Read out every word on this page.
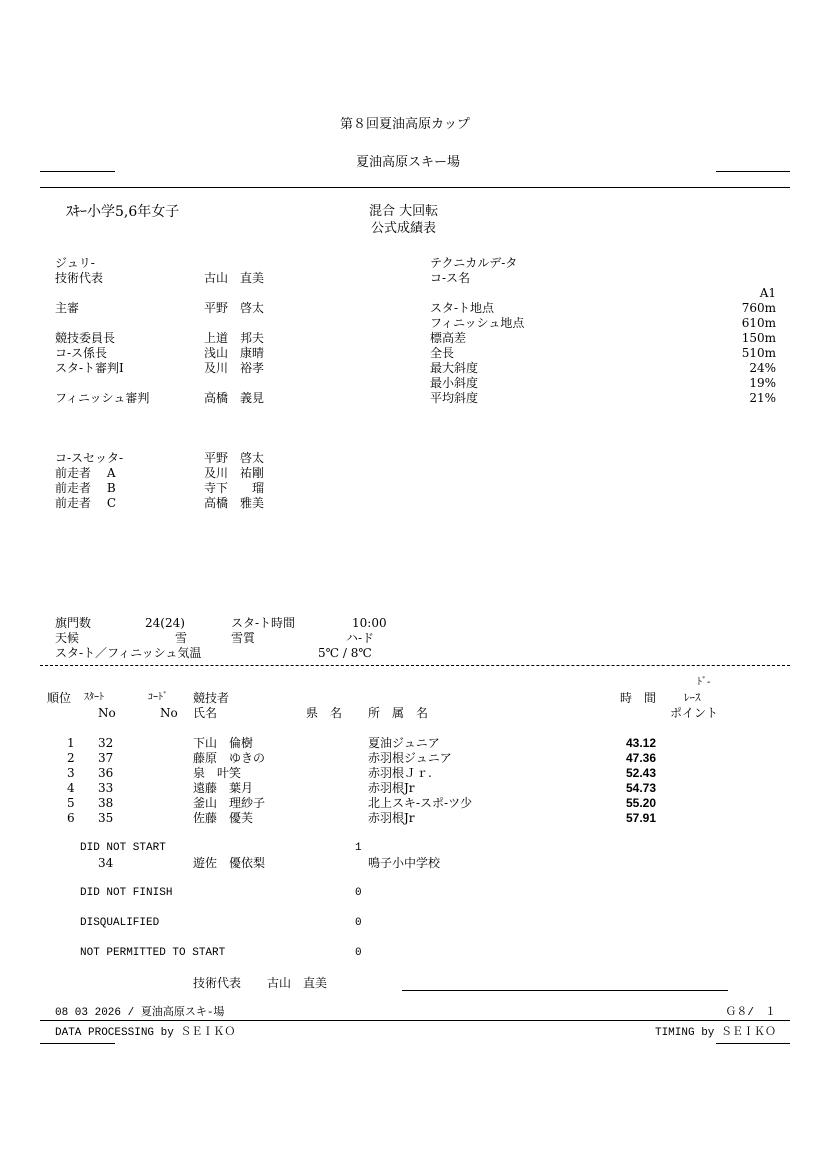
第８回夏油高原カップ
夏油高原スキー場
ｽｷｰ小学5,6年女子	混合 大回転
公式成績表
ジュリ‐
技術代表	古山　直美
主審	平野　啓太
競技委員長	上道　邦夫
コ‐ス係長	浅山　康晴
スタ‐ト審判Ⅰ	及川　裕孝
フィニッシュ審判	高橋　義見
テクニカルデ‐タ
コ‐ス名
A1
スタ‐ト地点	760m
フィニッシュ地点	610m
標高差	150m
全長	510m
最大斜度	24%
最小斜度	19%
平均斜度	21%
コ‐スセッタ‐	平野　啓太
前走者　 A	及川　祐剛
前走者　 B	寺下　　瑠
前走者　 C	高橋　雅美
旗門数	24(24)	スタ‐ト時間	10:00
天候	雪	雪質	ハ‐ド
スタ‐ト／フィニッシュ気温	5℃ / 8℃
ﾄﾞ‐
順位 ｽﾀｰﾄ
No
ｺｰﾄﾞ
No
競技者
氏名	県　名 所　属　名
時　間	ﾚｰｽ
ポイント
1 32	下山　倫樹	夏油ジュニア	43.12
2 37	藤原　ゆきの	赤羽根ジュニア	47.36
3 36	泉　叶笑	赤羽根Ｊｒ.	52.43
4 33	遠藤　葉月	赤羽根Jr	54.73
5 38	釜山　理紗子	北上スキ‐スポ‐ツ少	55.20
6 35	佐藤　優芙	赤羽根Jr	57.91
DID NOT START	1
34	遊佐　優依梨	鳴子小中学校
DID NOT FINISH	0
DISQUALIFIED	0
NOT PERMITTED TO START	0
技術代表 古山　直美
08 03 2026 / 夏油高原スキ‐場	Ｇ８/　１
DATA PROCESSING by ＳＥＩＫＯ	TIMING by ＳＥＩＫＯ
